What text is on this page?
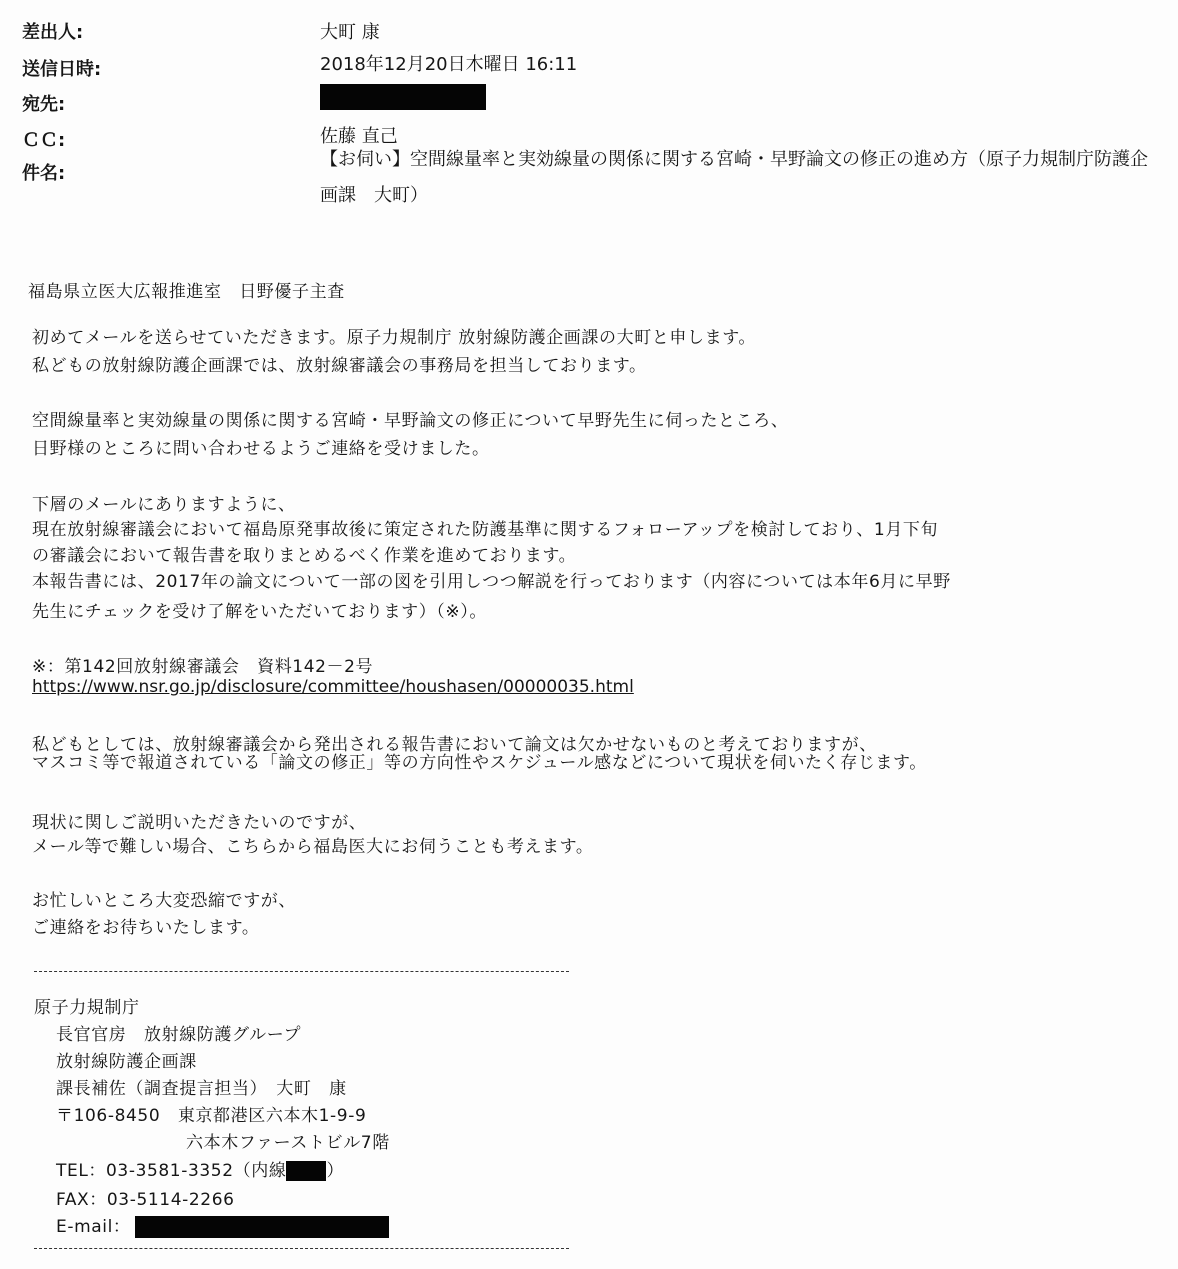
差出人:	大町 康
送信日時:	2018年12月20日木曜日 16:11
宛先:
ＣＣ:	佐藤 直己
件名:
【お伺い】空間線量率と実効線量の関係に関する宮崎・早野論文の修正の進め方（原子力規制庁防護企画課　大町）
福島県立医大広報推進室　日野優子主査
初めてメールを送らせていただきます。原子力規制庁 放射線防護企画課の大町と申します。
私どもの放射線防護企画課では、放射線審議会の事務局を担当しております。
空間線量率と実効線量の関係に関する宮崎・早野論文の修正について早野先生に伺ったところ、
日野様のところに問い合わせるようご連絡を受けました。
下層のメールにありますように、
現在放射線審議会において福島原発事故後に策定された防護基準に関するフォローアップを検討しており、1月下旬
の審議会において報告書を取りまとめるべく作業を進めております。
本報告書には、2017年の論文について一部の図を引用しつつ解説を行っております（内容については本年6月に早野
先生にチェックを受け了解をいただいております）（※）。
※：第142回放射線審議会　資料142－2号
https://www.nsr.go.jp/disclosure/committee/houshasen/00000035.html
私どもとしては、放射線審議会から発出される報告書において論文は欠かせないものと考えておりますが、
マスコミ等で報道されている「論文の修正」等の方向性やスケジュール感などについて現状を伺いたく存じます。
現状に関しご説明いただきたいのですが、
メール等で難しい場合、こちらから福島医大にお伺うことも考えます。
お忙しいところ大変恐縮ですが、
ご連絡をお待ちいたします。
原子力規制庁
長官官房　放射線防護グループ
放射線防護企画課
課長補佐（調査提言担当）　大町　康
〒106-8450　東京都港区六本木1-9-9
六本木ファーストビル7階
TEL：03-3581-3352（内線 ）
FAX：03-5114-2266
E-mail：
